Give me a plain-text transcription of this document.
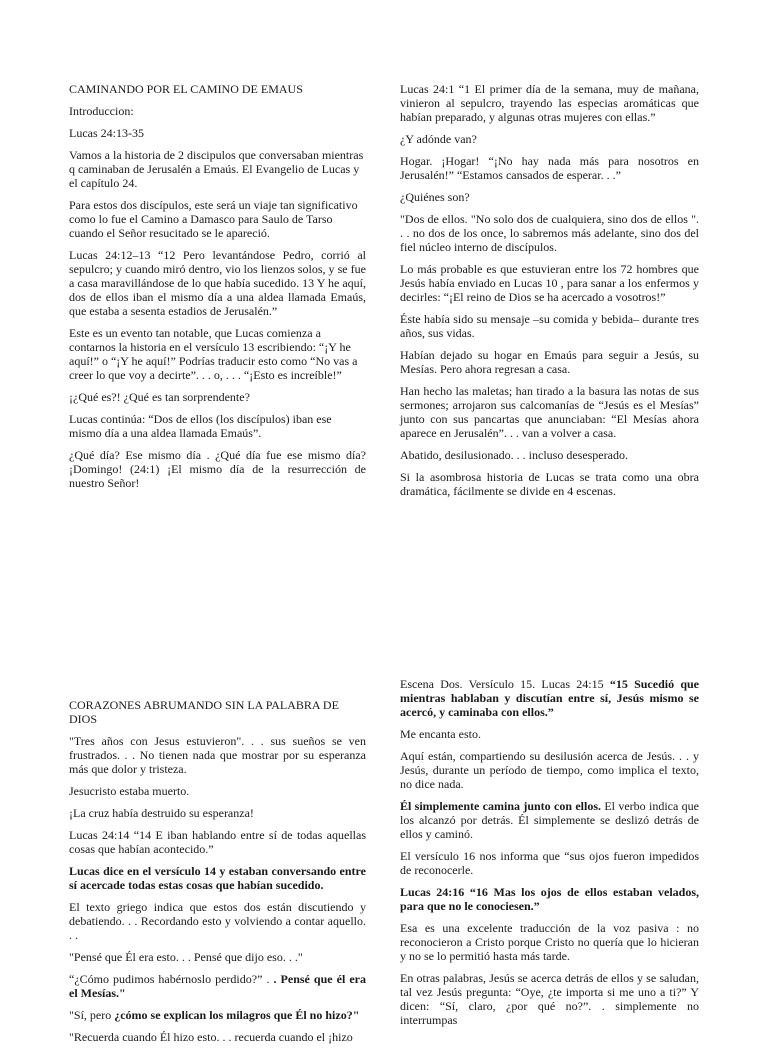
CAMINANDO POR EL CAMINO DE EMAUS

Introduccion:

Lucas 24:13-35

Vamos a la historia de 2 discipulos que conversaban mientras q caminaban de Jerusalén a Emaús. El Evangelio de Lucas y el capítulo 24.

Para estos dos discípulos, este será un viaje tan significativo como lo fue el Camino a Damasco para Saulo de Tarso cuando el Señor resucitado se le apareció.

Lucas 24:12–13 “12 Pero levantándose Pedro, corrió al sepulcro; y cuando miró dentro, vio los lienzos solos, y se fue a casa maravillándose de lo que había sucedido. 13 Y he aquí, dos de ellos iban el mismo día a una aldea llamada Emaús, que estaba a sesenta estadios de Jerusalén.”

Este es un evento tan notable, que Lucas comienza a contarnos la historia en el versículo 13 escribiendo: “¡Y he aquí!” o “¡Y he aquí!” Podrías traducir esto como “No vas a creer lo que voy a decirte”. . . o, . . . “¡Esto es increíble!”

¡¿Qué es?! ¿Qué es tan sorprendente?

Lucas continúa: “Dos de ellos (los discípulos) iban ese mismo día a una aldea llamada Emaús”.

¿Qué día? Ese mismo día . ¿Qué día fue ese mismo día? ¡Domingo! (24:1) ¡El mismo día de la resurrección de nuestro Señor!

Lucas 24:1 “1 El primer día de la semana, muy de mañana, vinieron al sepulcro, trayendo las especias aromáticas que habían preparado, y algunas otras mujeres con ellas.”

¿Y adónde van?

Hogar. ¡Hogar! “¡No hay nada más para nosotros en Jerusalén!” “Estamos cansados de esperar. . .”

¿Quiénes son?

"Dos de ellos. "No solo dos de cualquiera, sino dos de ellos ". . . no dos de los once, lo sabremos más adelante, sino dos del fiel núcleo interno de discípulos.

Lo más probable es que estuvieran entre los 72 hombres que Jesús había enviado en Lucas 10 , para sanar a los enfermos y decirles: “¡El reino de Dios se ha acercado a vosotros!”

Éste había sido su mensaje –su comida y bebida– durante tres años, sus vidas.

Habían dejado su hogar en Emaús para seguir a Jesús, su Mesías. Pero ahora regresan a casa.

Han hecho las maletas; han tirado a la basura las notas de sus sermones; arrojaron sus calcomanías de “Jesús es el Mesías” junto con sus pancartas que anunciaban: “El Mesías ahora aparece en Jerusalén”. . . van a volver a casa.

Abatido, desilusionado. . . incluso desesperado.

Si la asombrosa historia de Lucas se trata como una obra dramática, fácilmente se divide en 4 escenas.

CORAZONES ABRUMANDO SIN LA PALABRA DE DIOS

"Tres años con Jesus estuvieron". . . sus sueños se ven frustrados. . . No tienen nada que mostrar por su esperanza más que dolor y tristeza.

Jesucristo estaba muerto.

¡La cruz había destruido su esperanza!

Lucas 24:14 “14 E iban hablando entre sí de todas aquellas cosas que habían acontecido.”

Lucas dice en el versículo 14 y estaban conversando entre sí acercade todas estas cosas que habían sucedido.

El texto griego indica que estos dos están discutiendo y debatiendo. . . Recordando esto y volviendo a contar aquello. . .

"Pensé que Él era esto. . . Pensé que dijo eso. . ."

“¿Cómo pudimos habérnoslo perdido?” . . Pensé que él era el Mesías."

"Sí, pero ¿cómo se explican los milagros que Él no hizo?"

"Recuerda cuando Él hizo esto. . . recuerda cuando el ¡hizo

Escena Dos. Versículo 15. Lucas 24:15 “15 Sucedió que mientras hablaban y discutían entre sí, Jesús mismo se acercó, y caminaba con ellos.”

Me encanta esto.

Aquí están, compartiendo su desilusión acerca de Jesús. . . y Jesús, durante un período de tiempo, como implica el texto, no dice nada.

Él simplemente camina junto con ellos. El verbo indica que los alcanzó por detrás. Él simplemente se deslizó detrás de ellos y caminó.

El versículo 16 nos informa que “sus ojos fueron impedidos de reconocerle.

Lucas 24:16 “16 Mas los ojos de ellos estaban velados, para que no le conociesen.”

Esa es una excelente traducción de la voz pasiva : no reconocieron a Cristo porque Cristo no quería que lo hicieran y no se lo permitió hasta más tarde.

En otras palabras, Jesús se acerca detrás de ellos y se saludan, tal vez Jesús pregunta: “Oye, ¿te importa si me uno a ti?” Y dicen: “Sí, claro, ¿por qué no?”. . simplemente no interrumpas
